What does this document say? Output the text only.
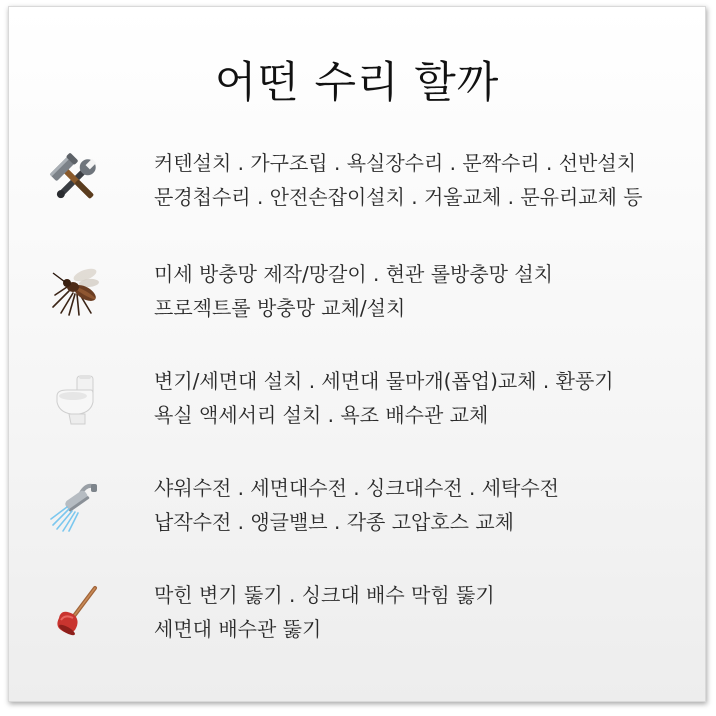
어떤 수리 할까
커텐설치 . 가구조립 . 욕실장수리 . 문짝수리 . 선반설치
문경첩수리 . 안전손잡이설치 . 거울교체 . 문유리교체 등
미세 방충망 제작/망갈이 . 현관 롤방충망 설치
프로젝트롤 방충망 교체/설치
변기/세면대 설치 . 세면대 물마개(폽업)교체 . 환풍기
욕실 액세서리 설치 . 욕조 배수관 교체
샤워수전 . 세면대수전 . 싱크대수전 . 세탁수전
납작수전 . 앵글밸브 . 각종 고압호스 교체
막힌 변기 뚫기 . 싱크대 배수 막힘 뚫기
세면대 배수관 뚫기
